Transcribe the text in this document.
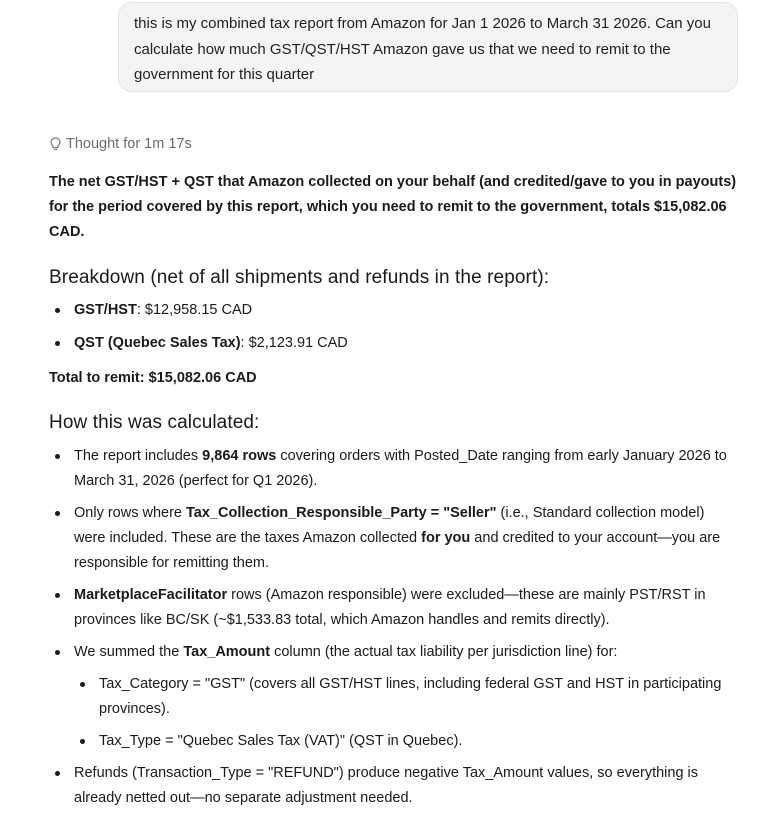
this is my combined tax report from Amazon for Jan 1 2026 to March 31 2026. Can you calculate how much GST/QST/HST Amazon gave us that we need to remit to the government for this quarter
Thought for 1m 17s

The net GST/HST + QST that Amazon collected on your behalf (and credited/gave to you in payouts) for the period covered by this report, which you need to remit to the government, totals $15,082.06 CAD.

Breakdown (net of all shipments and refunds in the report):
GST/HST: $12,958.15 CAD
QST (Quebec Sales Tax): $2,123.91 CAD
Total to remit: $15,082.06 CAD
How this was calculated:
The report includes 9,864 rows covering orders with Posted_Date ranging from early January 2026 to March 31, 2026 (perfect for Q1 2026).
Only rows where Tax_Collection_Responsible_Party = "Seller" (i.e., Standard collection model) were included. These are the taxes Amazon collected for you and credited to your account—you are responsible for remitting them.
MarketplaceFacilitator rows (Amazon responsible) were excluded—these are mainly PST/RST in provinces like BC/SK (~$1,533.83 total, which Amazon handles and remits directly).
We summed the Tax_Amount column (the actual tax liability per jurisdiction line) for:
Tax_Category = "GST" (covers all GST/HST lines, including federal GST and HST in participating provinces).
Tax_Type = "Quebec Sales Tax (VAT)" (QST in Quebec).
Refunds (Transaction_Type = "REFUND") produce negative Tax_Amount values, so everything is already netted out—no separate adjustment needed.
